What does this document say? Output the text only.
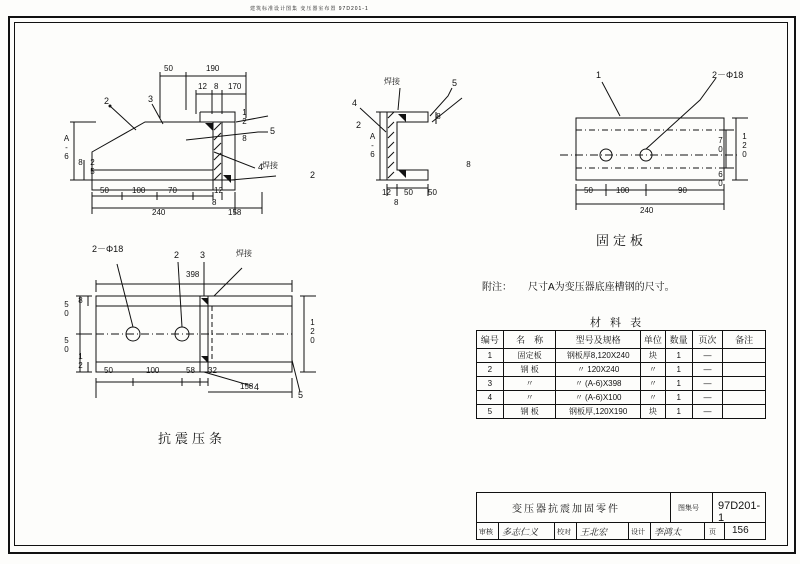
建筑标准设计图集 变压器室布置 97D201-1
2	3
5
4
2
焊接
50	190
12 8 170
12
8
A-6
8 25
50	100	70	12
8
240	158
焊接
4
5
2
8
A-6
8
12
8
50 50
1	2－Φ18
固定板
70 120
60
50	100	90
240
2－Φ18
2 3	焊接
4
5
398
50
50
8
12
120
50	100	58 32
158
抗震压条
附注： 尺寸A为变压器底座槽钢的尺寸。
材 料 表
编号	名　称	型号及规格	单位	数量	页次	备注
1	固定板	钢板厚8,120X240	块	1	—	
2	钢 板	〃 120X240	〃	1	—	
3	〃	〃 (A-6)X398	〃	1	—	
4	〃	〃 (A-6)X100	〃	1	—	
5	钢 板	钢板厚,120X190	块	1	—	
变压器抗震加固零件	图集号 97D201-1
审核 多志仁义	校对 王北宏	设计 李鸿太	页 156
